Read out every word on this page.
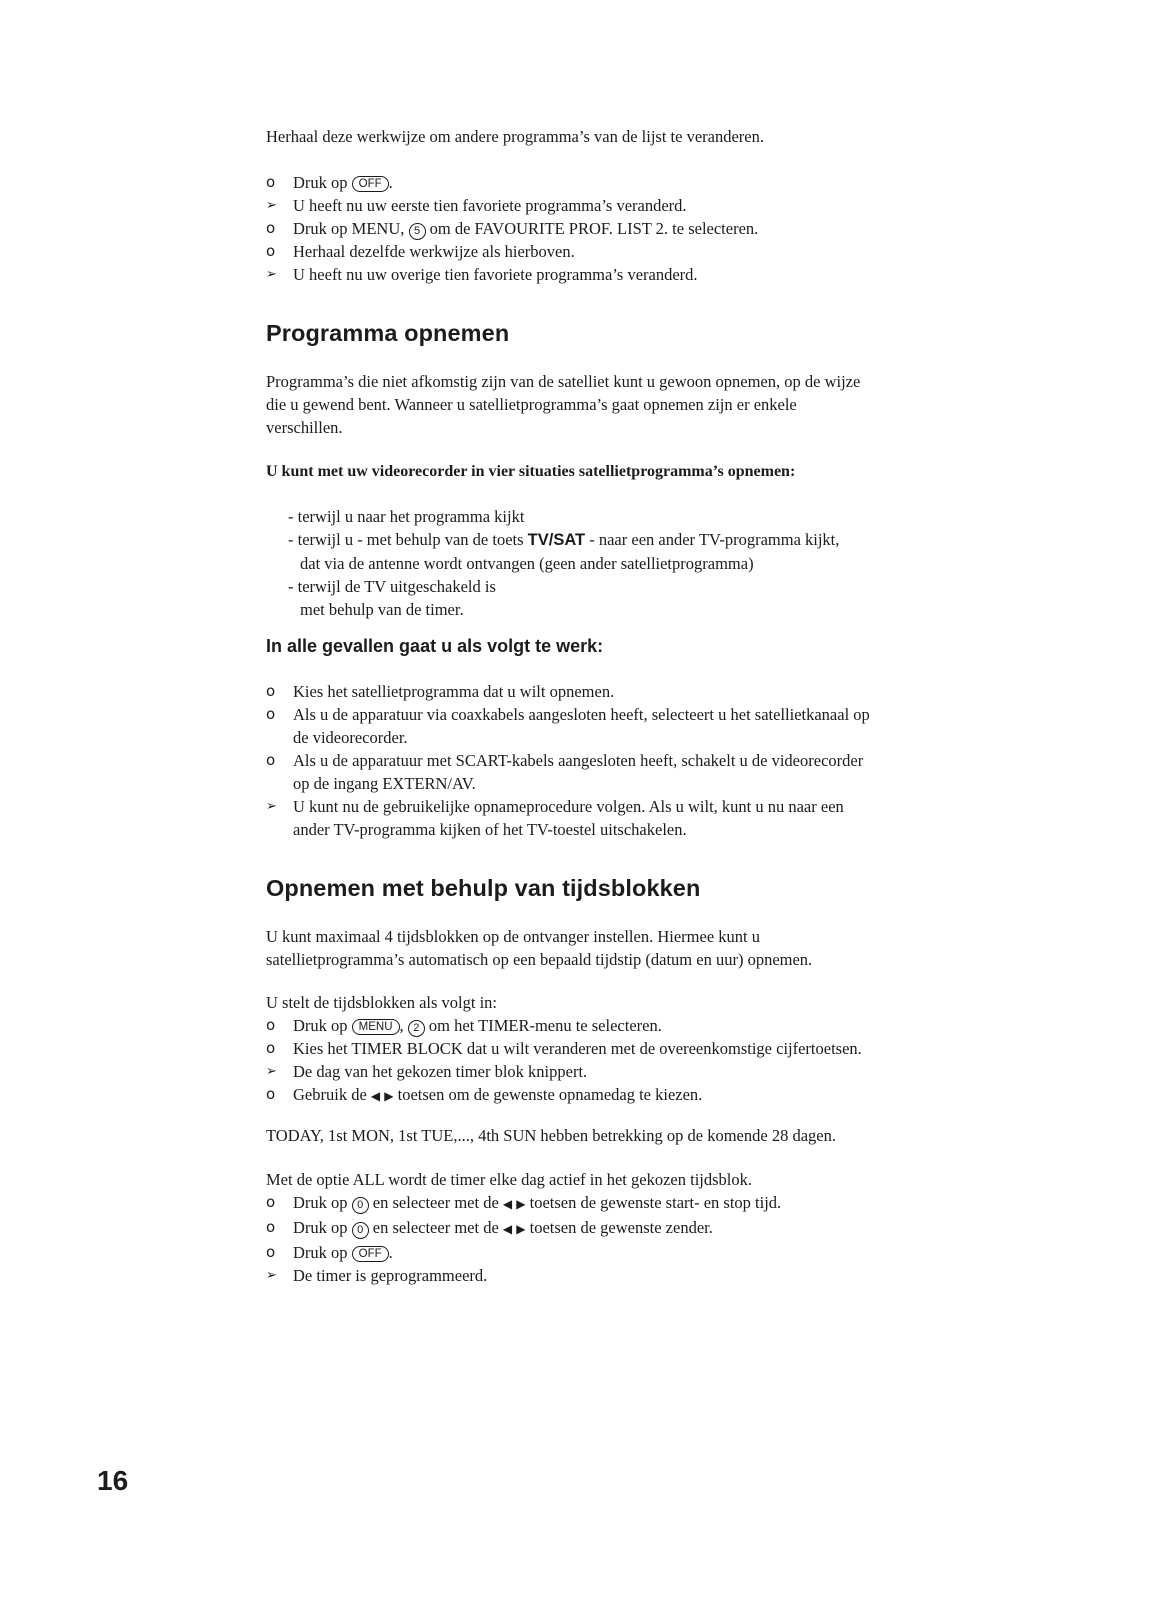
Herhaal deze werkwijze om andere programma’s van de lijst te veranderen.

o	Druk op OFF .
➢ U heeft nu uw eerste tien favoriete programma’s veranderd.
o	Druk op MENU, 5 om de FAVOURITE PROF. LIST 2. te selecteren.
o	Herhaal dezelfde werkwijze als hierboven.
➢ U heeft nu uw overige tien favoriete programma’s veranderd.
Programma opnemen

Programma’s die niet afkomstig zijn van de satelliet kunt u gewoon opnemen, op de wijze

die u gewend bent. Wanneer u satellietprogramma’s gaat opnemen zijn er enkele

verschillen.

U kunt met uw videorecorder in vier situaties satellietprogramma’s opnemen:

- terwijl u naar het programma kijkt
- terwijl u - met behulp van de toets TV/SAT - naar een ander TV-programma kijkt,
dat via de antenne wordt ontvangen (geen ander satellietprogramma)
- terwijl de TV uitgeschakeld is
met behulp van de timer.
In alle gevallen gaat u als volgt te werk:
o	Kies het satellietprogramma dat u wilt opnemen.
o	Als u de apparatuur via coaxkabels aangesloten heeft, selecteert u het satellietkanaal op
de videorecorder.
o	Als u de apparatuur met SCART-kabels aangesloten heeft, schakelt u de videorecorder
op de ingang EXTERN/AV.
➢ U kunt nu de gebruikelijke opnameprocedure volgen. Als u wilt, kunt u nu naar een
ander TV-programma kijken of het TV-toestel uitschakelen.
Opnemen met behulp van tijdsblokken

U kunt maximaal 4 tijdsblokken op de ontvanger instellen. Hiermee kunt u

satellietprogramma’s automatisch op een bepaald tijdstip (datum en uur) opnemen.

U stelt de tijdsblokken als volgt in:

o	Druk op MENU , 2 om het TIMER-menu te selecteren.
o	Kies het TIMER BLOCK dat u wilt veranderen met de overeenkomstige cijfertoetsen.
➢ De dag van het gekozen timer blok knippert.
o	Gebruik de ◀ ▶ toetsen om de gewenste opnamedag te kiezen.

TODAY, 1st MON, 1st TUE,..., 4th SUN hebben betrekking op de komende 28 dagen.

Met de optie ALL wordt de timer elke dag actief in het gekozen tijdsblok.

o	Druk op 0 en selecteer met de ◀ ▶ toetsen de gewenste start- en stop tijd.
o	Druk op 0 en selecteer met de ◀ ▶ toetsen de gewenste zender.
o	Druk op OFF .
➢ De timer is geprogrammeerd.
16
